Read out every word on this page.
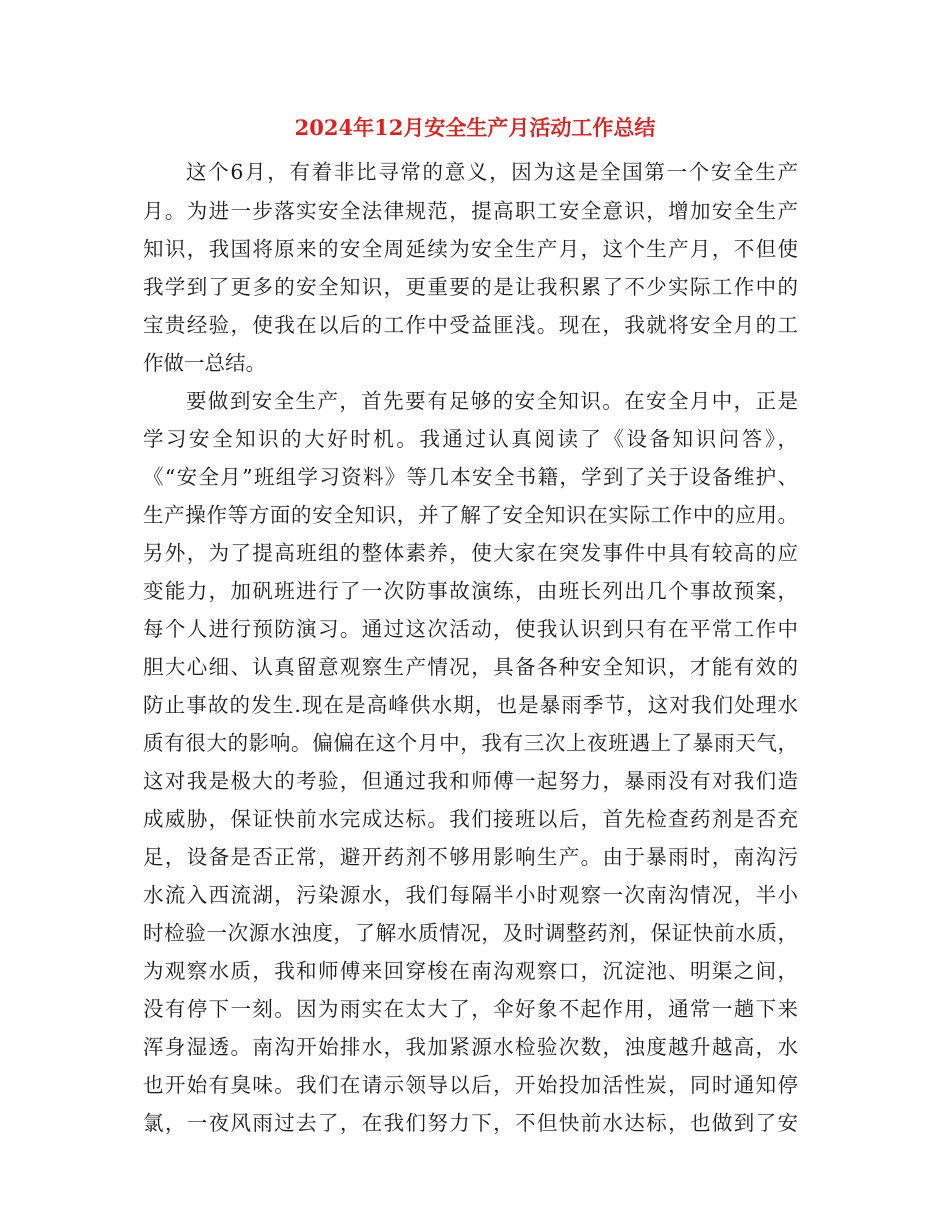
2024年12月安全生产月活动工作总结
这个6月，有着非比寻常的意义，因为这是全国第一个安全生产
月。为进一步落实安全法律规范，提高职工安全意识，增加安全生产
知识，我国将原来的安全周延续为安全生产月，这个生产月，不但使
我学到了更多的安全知识，更重要的是让我积累了不少实际工作中的
宝贵经验，使我在以后的工作中受益匪浅。现在，我就将安全月的工
作做一总结。
要做到安全生产，首先要有足够的安全知识。在安全月中，正是
学习安全知识的大好时机。我通过认真阅读了《设备知识问答》，
《“安全月”班组学习资料》等几本安全书籍，学到了关于设备维护、
生产操作等方面的安全知识，并了解了安全知识在实际工作中的应用。
另外，为了提高班组的整体素养，使大家在突发事件中具有较高的应
变能力，加矾班进行了一次防事故演练，由班长列出几个事故预案，
每个人进行预防演习。通过这次活动，使我认识到只有在平常工作中
胆大心细、认真留意观察生产情况，具备各种安全知识，才能有效的
防止事故的发生.现在是高峰供水期，也是暴雨季节，这对我们处理水
质有很大的影响。偏偏在这个月中，我有三次上夜班遇上了暴雨天气，
这对我是极大的考验，但通过我和师傅一起努力，暴雨没有对我们造
成威胁，保证快前水完成达标。我们接班以后，首先检查药剂是否充
足，设备是否正常，避开药剂不够用影响生产。由于暴雨时，南沟污
水流入西流湖，污染源水，我们每隔半小时观察一次南沟情况，半小
时检验一次源水浊度，了解水质情况，及时调整药剂，保证快前水质，
为观察水质，我和师傅来回穿梭在南沟观察口，沉淀池、明渠之间，
没有停下一刻。因为雨实在太大了，伞好象不起作用，通常一趟下来
浑身湿透。南沟开始排水，我加紧源水检验次数，浊度越升越高，水
也开始有臭味。我们在请示领导以后，开始投加活性炭，同时通知停
氯，一夜风雨过去了，在我们努力下，不但快前水达标，也做到了安
